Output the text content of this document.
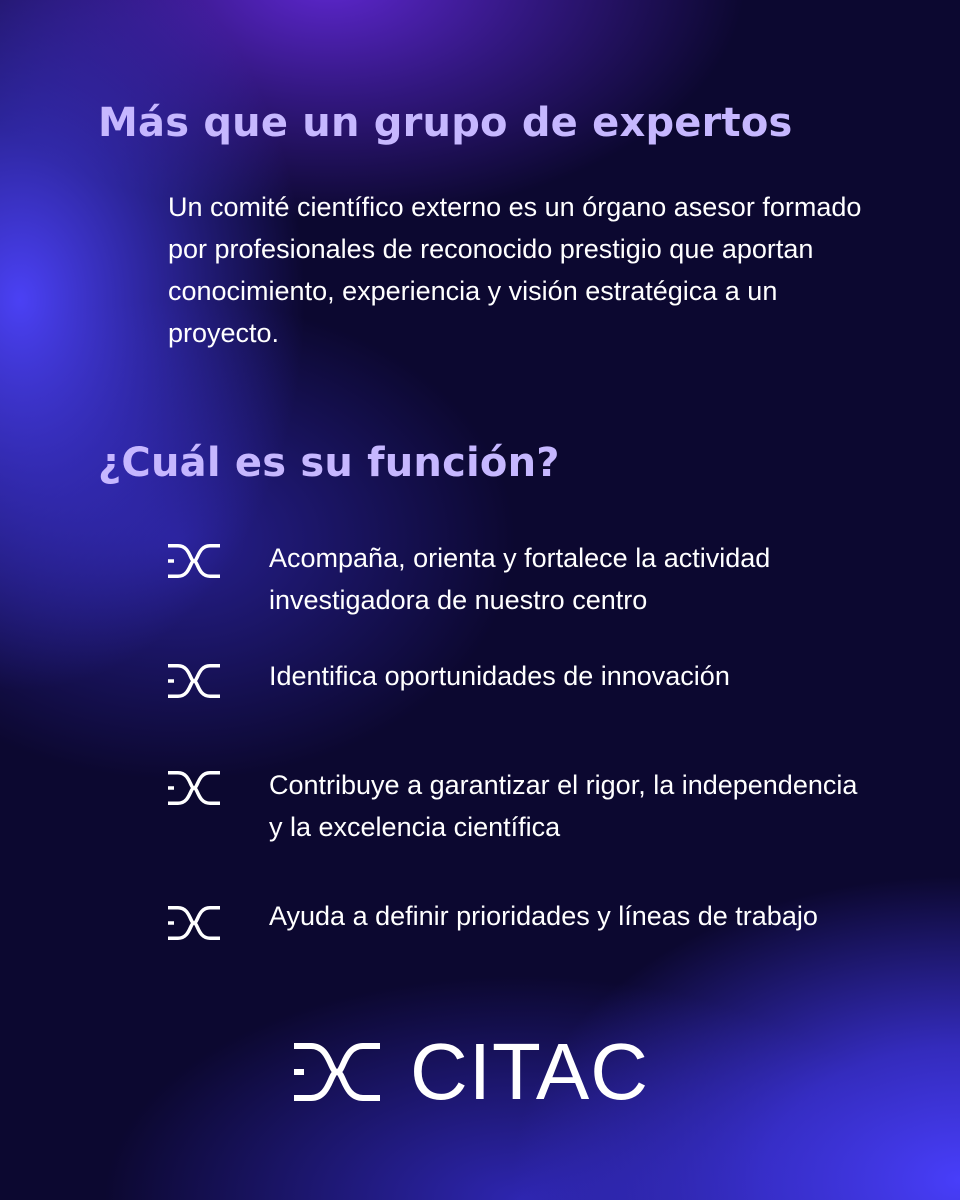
Más que un grupo de expertos

Un comité científico externo es un órgano asesor formado por profesionales de reconocido prestigio que aportan conocimiento, experiencia y visión estratégica a un proyecto.

¿Cuál es su función?

Acompaña, orienta y fortalece la actividad investigadora de nuestro centro

Identifica oportunidades de innovación

Contribuye a garantizar el rigor, la independencia y la excelencia científica

Ayuda a definir prioridades y líneas de trabajo

CITAC
